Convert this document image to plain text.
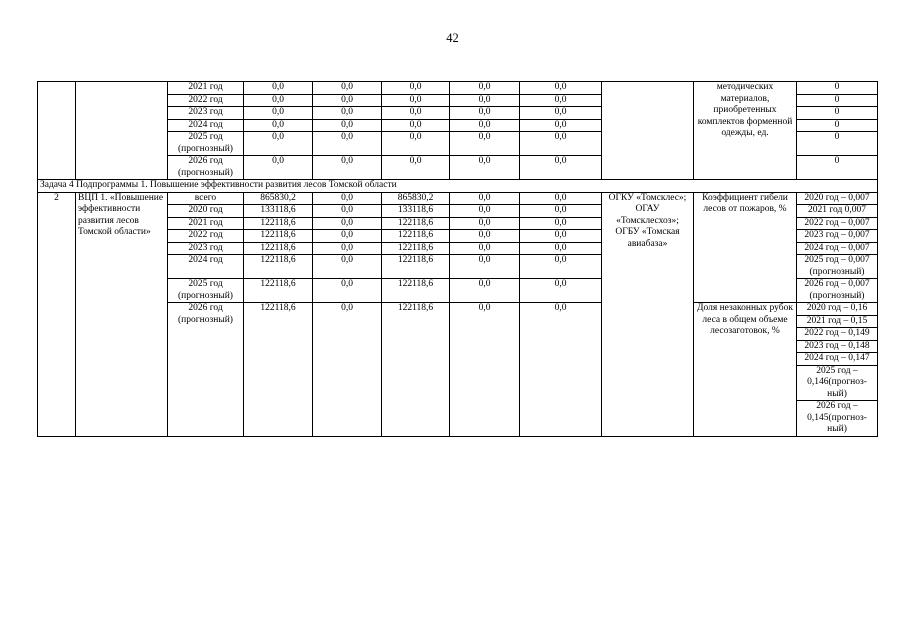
42
		2021 год	0,0	0,0	0,0	0,0	0,0		методических материалов, приобретенных комплектов форменной одежды, ед.	0
		2022 год	0,0	0,0	0,0	0,0	0,0			0
		2023 год	0,0	0,0	0,0	0,0	0,0			0
		2024 год	0,0	0,0	0,0	0,0	0,0			0
		2025 год (прогнозный)	0,0	0,0	0,0	0,0	0,0			0
		2026 год (прогнозный)	0,0	0,0	0,0	0,0	0,0			0
Задача 4 Подпрограммы 1. Повышение эффективности развития лесов Томской области										
2	ВЦП 1. «Повышение эффективности развития лесов Томской области»	всего	865830,2	0,0	865830,2	0,0	0,0	ОГКУ «Томсклес»; ОГАУ «Томсклесхоз»; ОГБУ «Томская авиабаза»	Коэффициент гибели лесов от пожаров, %	2020 год – 0,007
		2020 год	133118,6	0,0	133118,6	0,0	0,0			2021 год 0,007
		2021 год	122118,6	0,0	122118,6	0,0	0,0			2022 год – 0,007
		2022 год	122118,6	0,0	122118,6	0,0	0,0			2023 год – 0,007
		2023 год	122118,6	0,0	122118,6	0,0	0,0			2024 год – 0,007
		2024 год	122118,6	0,0	122118,6	0,0	0,0			2025 год – 0,007 (прогнозный)
		2025 год (прогнозный)	122118,6	0,0	122118,6	0,0	0,0			2026 год – 0,007 (прогнозный)
		2026 год (прогнозный)	122118,6	0,0	122118,6	0,0	0,0		Доля незаконных рубок леса в общем объеме лесозаготовок, %	2020 год – 0,16
										2021 год – 0,15
										2022 год – 0,149
										2023 год – 0,148
										2024 год – 0,147
										2025 год – 0,146(прогноз-ный)
										2026 год – 0,145(прогноз-ный)
